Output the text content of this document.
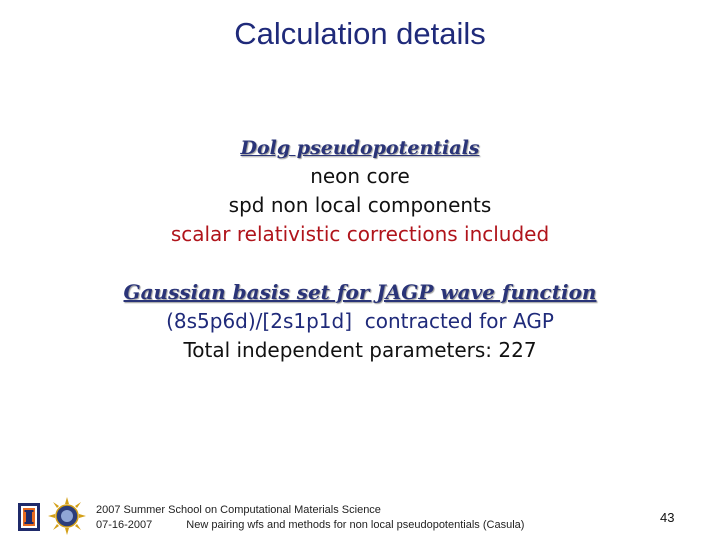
Calculation details
Dolg pseudopotentials
neon core
spd non local components
scalar relativistic corrections included
Gaussian basis set for JAGP wave function
(8s5p6d)/[2s1p1d]  contracted for AGP
Total independent parameters: 227
2007 Summer School on Computational Materials Science
07-16-2007	New pairing wfs and methods for non local pseudopotentials (Casula)	43
